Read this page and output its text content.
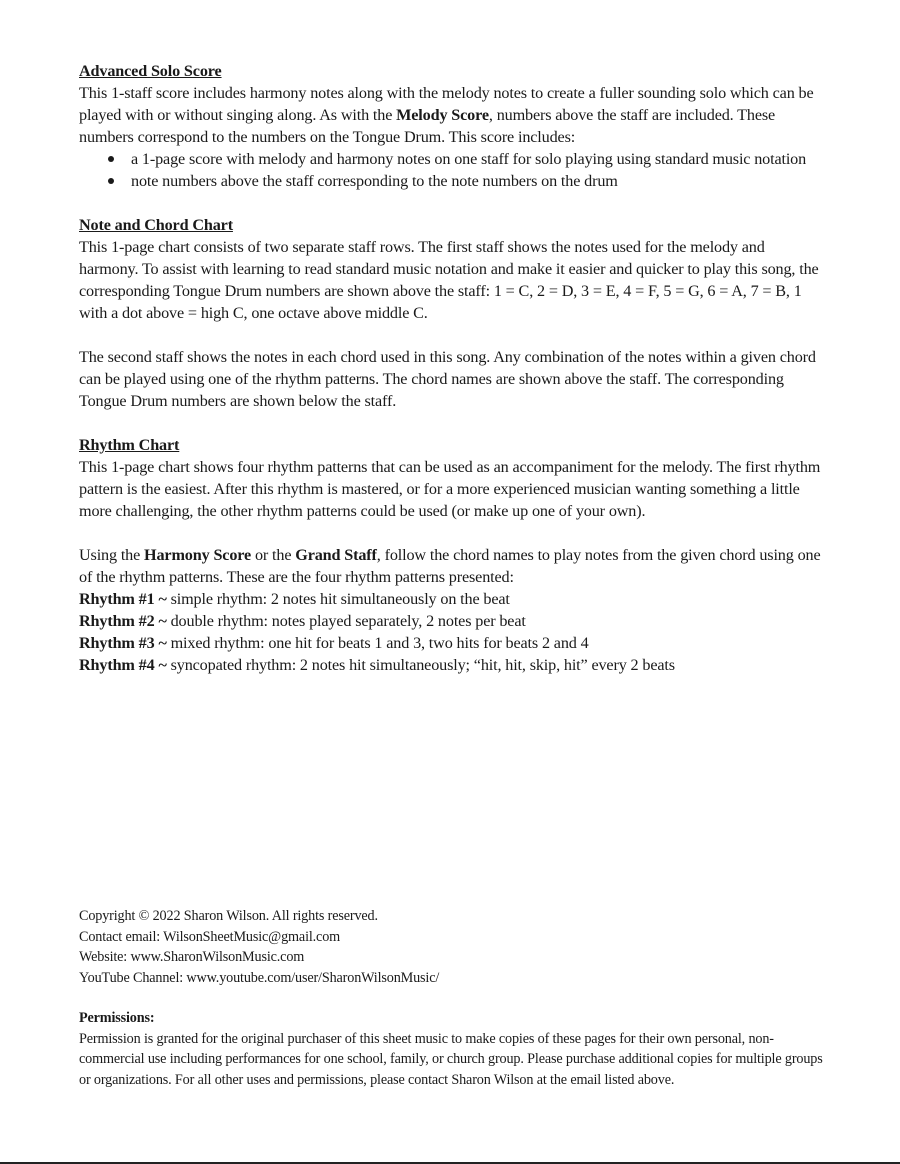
Advanced Solo Score

This 1-staff score includes harmony notes along with the melody notes to create a fuller sounding solo which can be played with or without singing along. As with the Melody Score, numbers above the staff are included. These numbers correspond to the numbers on the Tongue Drum. This score includes:

a 1-page score with melody and harmony notes on one staff for solo playing using standard music notation
note numbers above the staff corresponding to the note numbers on the drum

Note and Chord Chart

This 1-page chart consists of two separate staff rows. The first staff shows the notes used for the melody and harmony. To assist with learning to read standard music notation and make it easier and quicker to play this song, the corresponding Tongue Drum numbers are shown above the staff: 1 = C, 2 = D, 3 = E, 4 = F, 5 = G, 6 = A, 7 = B, 1 with a dot above = high C, one octave above middle C.

The second staff shows the notes in each chord used in this song. Any combination of the notes within a given chord can be played using one of the rhythm patterns. The chord names are shown above the staff. The corresponding Tongue Drum numbers are shown below the staff.

Rhythm Chart

This 1-page chart shows four rhythm patterns that can be used as an accompaniment for the melody. The first rhythm pattern is the easiest. After this rhythm is mastered, or for a more experienced musician wanting something a little more challenging, the other rhythm patterns could be used (or make up one of your own).

Using the Harmony Score or the Grand Staff, follow the chord names to play notes from the given chord using one of the rhythm patterns. These are the four rhythm patterns presented:

Rhythm #1 ~ simple rhythm: 2 notes hit simultaneously on the beat
Rhythm #2 ~ double rhythm: notes played separately, 2 notes per beat
Rhythm #3 ~ mixed rhythm: one hit for beats 1 and 3, two hits for beats 2 and 4
Rhythm #4 ~ syncopated rhythm: 2 notes hit simultaneously; “hit, hit, skip, hit” every 2 beats
Copyright © 2022 Sharon Wilson. All rights reserved.
Contact email: WilsonSheetMusic@gmail.com
Website: www.SharonWilsonMusic.com
YouTube Channel: www.youtube.com/user/SharonWilsonMusic/
Permissions:
Permission is granted for the original purchaser of this sheet music to make copies of these pages for their own personal, non-commercial use including performances for one school, family, or church group. Please purchase additional copies for multiple groups or organizations. For all other uses and permissions, please contact Sharon Wilson at the email listed above.
